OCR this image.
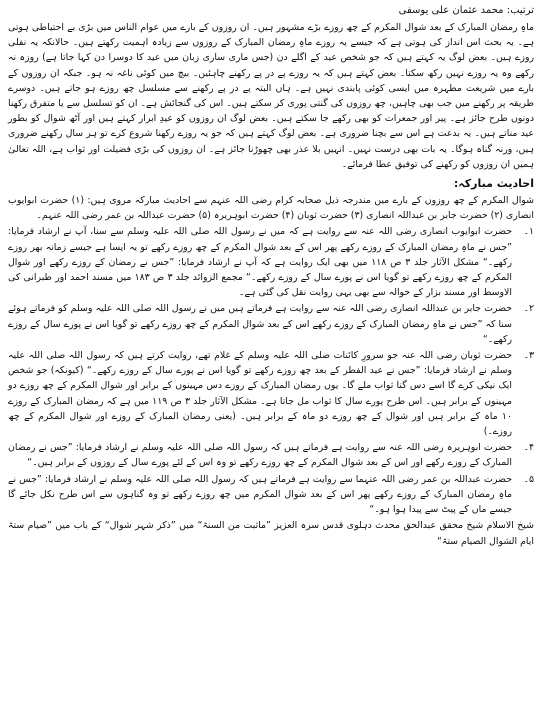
ترتیب: محمد عثمان علی یوسفی
ماہِ رمضان المبارک کے بعد شوال المکرم کے چھ روزے بڑے مشہور ہیں۔ ان روزوں کے بارے میں عوام الناس میں بڑی بے احتیاطی ہوتی ہے۔ یہ بحث اس انداز کی ہوتی ہے کہ جیسے یہ روزے ماہِ رمضان المبارک کے روزوں سے زیادہ اہمیت رکھتے ہیں۔ حالانکہ یہ نفلی روزے ہیں۔ بعض لوگ یہ کہتے ہیں کہ جو شخص عید کے اگلے دن (جس ماری ساری زبان میں عید کا دوسرا دن کہا جاتا ہے) روزہ نہ رکھے وہ یہ روزے نہیں رکھ سکتا۔ بعض کہتے ہیں کہ یہ روزے پے در پے رکھنے چاہئیں۔ بیچ میں کوئی ناغہ نہ ہو۔ جبکہ ان روزوں کے بارے میں شریعت مطہرہ میں ایسی کوئی پابندی نہیں ہے۔ ہاں البتہ پے در پے رکھنے سے مسلسل چھ روزے ہو جاتے ہیں۔ دوسرے طریقہ پر رکھنے میں جب بھی چاہیں، چھ روزوں کی گنتی پوری کر سکتے ہیں۔ اس کی گنجائش ہے۔ ان کو تسلسل سے یا متفرق رکھنا دونوں طرح جائز ہے۔ پیر اور جمعرات کو بھی رکھے جا سکتے ہیں۔ بعض لوگ ان روزوں کو عیدِ ابرار کہتے ہیں اور آٹھ شوال کو بطور عید مناتے ہیں۔ یہ بدعت ہے اس سے بچنا ضروری ہے۔ بعض لوگ کہتے ہیں کہ جو یہ روزے رکھنا شروع کرے تو ہر سال رکھنے ضروری ہیں، ورنہ گناہ ہوگا۔ یہ بات بھی درست نہیں۔ انہیں بلا عذر بھی چھوڑنا جائز ہے۔ ان روزوں کی بڑی فضیلت اور ثواب ہے، اللہ تعالیٰ ہمیں ان روزوں کو رکھنے کی توفیق عطا فرمائے۔
احادیث مبارکہ:
شوال المکرم کے چھ روزوں کے بارے میں مندرجہ ذیل صحابہ کرام رضی اللہ عنہم سے احادیث مبارکہ مروی ہیں: (۱) حضرت ابوایوب انصاری (۲) حضرت جابر بن عبداللہ انصاری (۳) حضرت ثوبان (۴) حضرت ابوہریرہ (۵) حضرت عبداللہ بن عمر رضی اللہ عنہم۔
۱۔
حضرت ابوایوب انصاری رضی اللہ عنہ سے روایت ہے کہ میں نے رسول اللہ صلی اللہ علیہ وسلم سے سنا، آپ نے ارشاد فرمایا: ”جس نے ماہِ رمضان المبارک کے روزے رکھے پھر اس کے بعد شوال المکرم کے چھ روزے رکھے تو یہ ایسا ہے جیسے زمانہ بھر روزے رکھے۔“ مشکل الآثار جلد ۳ ص ۱۱۸ میں بھی ایک روایت ہے کہ آپ نے ارشاد فرمایا: ”جس نے رمضان کے روزے رکھے اور شوال المکرم کے چھ روزے رکھے تو گویا اس نے پورے سال کے روزے رکھے۔“ مجمع الزوائد جلد ۳ ص ۱۸۳ میں مسند احمد اور طبرانی کی الاوسط اور مسند بزار کے حوالہ سے بھی یہی روایت نقل کی گئی ہے۔
۲۔
حضرت جابر بن عبداللہ انصاری رضی اللہ عنہ سے روایت ہے فرماتے ہیں میں نے رسول اللہ صلی اللہ علیہ وسلم کو فرماتے ہوئے سنا کہ ”جس نے ماہِ رمضان المبارک کے روزے رکھے اس کے بعد شوال المکرم کے چھ روزے رکھے تو گویا اس نے پورے سال کے روزے رکھے۔“
۳۔
حضرت ثوبان رضی اللہ عنہ جو سرورِ کائنات صلی اللہ علیہ وسلم کے غلام تھے، روایت کرتے ہیں کہ رسول اللہ صلی اللہ علیہ وسلم نے ارشاد فرمایا: ”جس نے عید الفطر کے بعد چھ روزے رکھے تو گویا اس نے پورے سال کے روزے رکھے۔“ (کیونکہ) جو شخص ایک نیکی کرے گا اسے دس گنا ثواب ملے گا۔ یوں رمضان المبارک کے روزے دس مہینوں کے برابر اور شوال المکرم کے چھ روزے دو مہینوں کے برابر ہیں۔ اس طرح پورے سال کا ثواب مل جاتا ہے۔ مشکل الآثار جلد ۳ ص ۱۱۹ میں ہے کہ رمضان المبارک کے روزے ۱۰ ماہ کے برابر ہیں اور شوال کے چھ روزے دو ماہ کے برابر ہیں۔ (یعنی رمضان المبارک کے روزے اور شوال المکرم کے چھ روزے۔)
۴۔
حضرت ابوہریرہ رضی اللہ عنہ سے روایت ہے فرماتے ہیں کہ رسول اللہ صلی اللہ علیہ وسلم نے ارشاد فرمایا: ”جس نے رمضان المبارک کے روزے رکھے اور اس کے بعد شوال المکرم کے چھ روزے رکھے تو وہ اس کے لئے پورے سال کے روزوں کے برابر ہیں۔“
۵۔
حضرت عبداللہ بن عمر رضی اللہ عنہما سے روایت ہے فرماتے ہیں کہ رسول اللہ صلی اللہ علیہ وسلم نے ارشاد فرمایا: ”جس نے ماہِ رمضان المبارک کے روزے رکھے پھر اس کے بعد شوال المکرم میں چھ روزے رکھے تو وہ گناہوں سے اس طرح نکل جائے گا جیسے ماں کے پیٹ سے پیدا ہوا ہو۔“
شیخ الاسلام شیخ محقق عبدالحق محدث دہلوی قدس سرہ العزیز ”ماثبت من السنۃ“ میں ”ذکر شہر شوال“ کے باب میں ”صیام ستۃ ایام الشوال الصیام ستۃ“
